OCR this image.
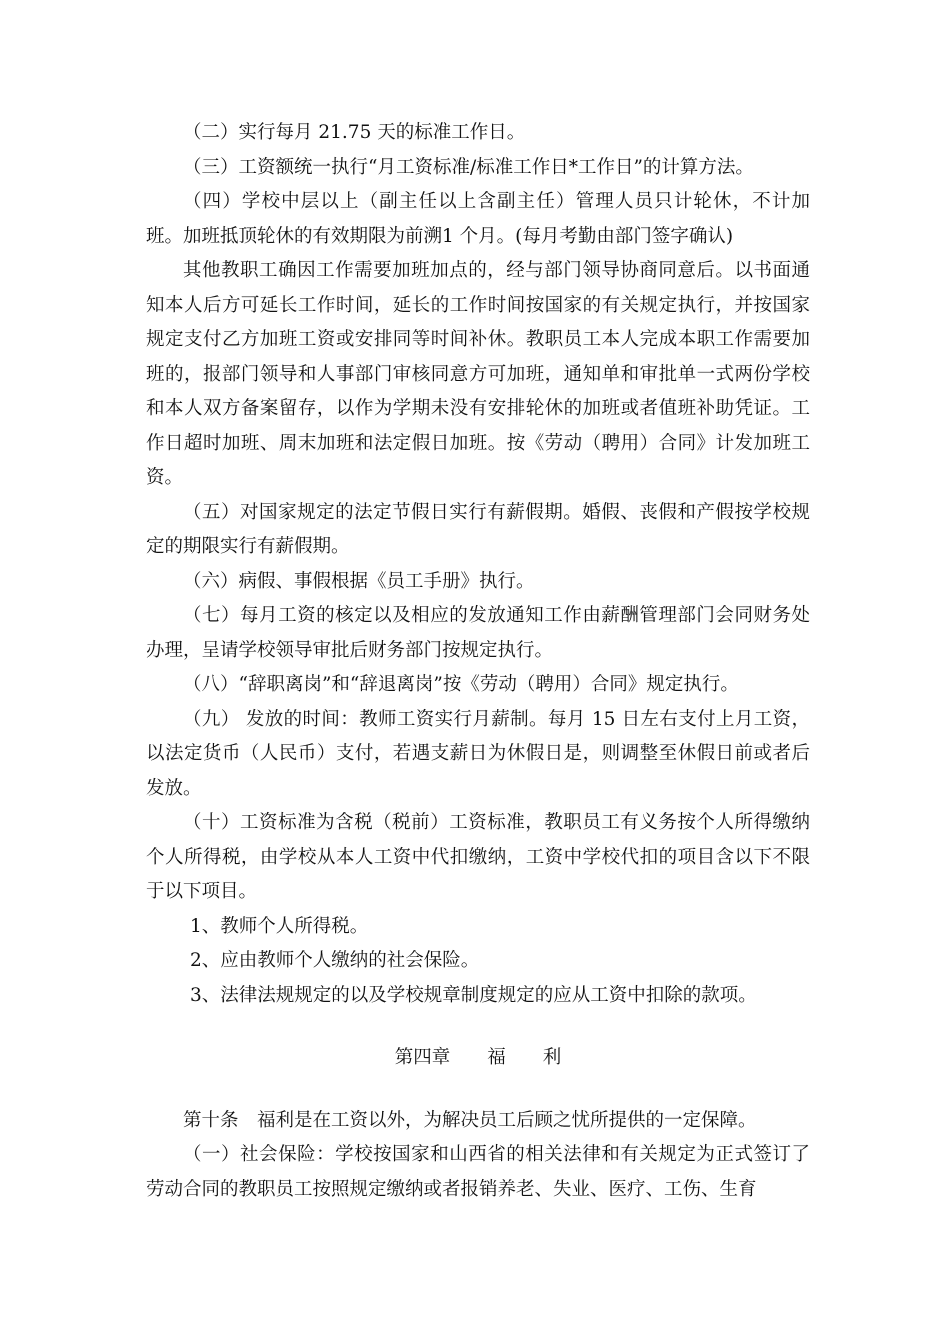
（二）实行每月 21.75 天的标准工作日。

（三）工资额统一执行“月工资标准/标准工作日*工作日”的计算方法。

（四）学校中层以上（副主任以上含副主任）管理人员只计轮休，不计加班。加班抵顶轮休的有效期限为前溯1 个月。(每月考勤由部门签字确认)

其他教职工确因工作需要加班加点的，经与部门领导协商同意后。以书面通知本人后方可延长工作时间，延长的工作时间按国家的有关规定执行，并按国家规定支付乙方加班工资或安排同等时间补休。教职员工本人完成本职工作需要加班的，报部门领导和人事部门审核同意方可加班，通知单和审批单一式两份学校和本人双方备案留存，以作为学期未没有安排轮休的加班或者值班补助凭证。工作日超时加班、周末加班和法定假日加班。按《劳动（聘用）合同》计发加班工资。

（五）对国家规定的法定节假日实行有薪假期。婚假、丧假和产假按学校规定的期限实行有薪假期。

（六）病假、事假根据《员工手册》执行。

（七）每月工资的核定以及相应的发放通知工作由薪酬管理部门会同财务处办理，呈请学校领导审批后财务部门按规定执行。

（八）“辞职离岗”和“辞退离岗”按《劳动（聘用）合同》规定执行。

（九） 发放的时间：教师工资实行月薪制。每月 15 日左右支付上月工资，以法定货币（人民币）支付，若遇支薪日为休假日是，则调整至休假日前或者后发放。

（十）工资标准为含税（税前）工资标准，教职员工有义务按个人所得缴纳个人所得税，由学校从本人工资中代扣缴纳，工资中学校代扣的项目含以下不限于以下项目。

1、教师个人所得税。

2、应由教师个人缴纳的社会保险。

3、法律法规规定的以及学校规章制度规定的应从工资中扣除的款项。

第四章　　福　　利

第十条　福利是在工资以外，为解决员工后顾之忧所提供的一定保障。

（一）社会保险：学校按国家和山西省的相关法律和有关规定为正式签订了劳动合同的教职员工按照规定缴纳或者报销养老、失业、医疗、工伤、生育
